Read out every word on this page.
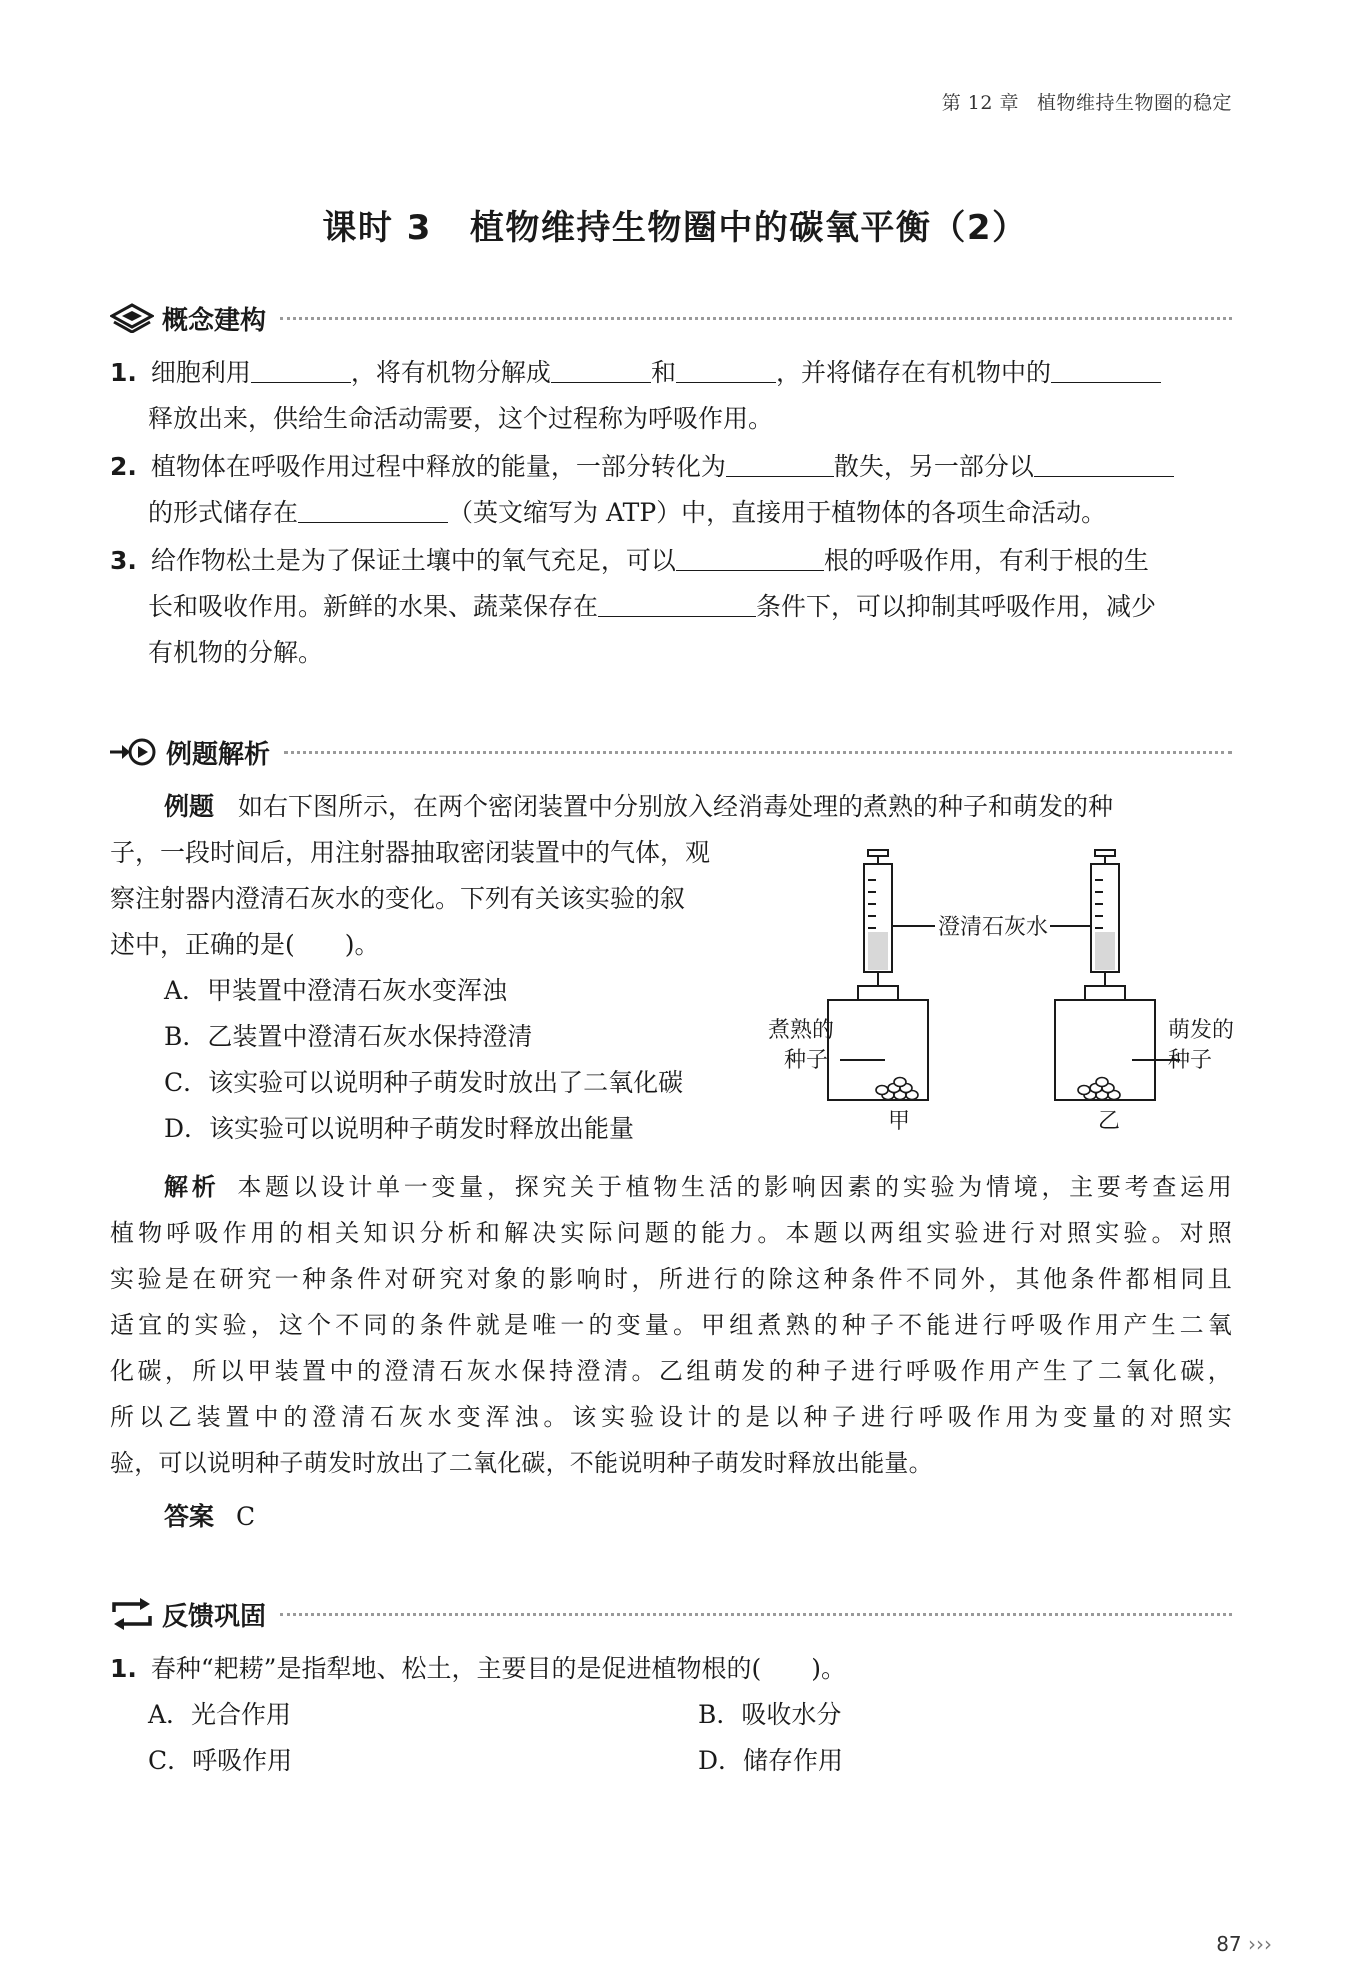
第 12 章 植物维持生物圈的稳定
课时 3 植物维持生物圈中的碳氧平衡（2）
概念建构
1. 细胞利用	，将有机物分解成	和	，并将储存在有机物中的
释放出来，供给生命活动需要，这个过程称为呼吸作用。
2. 植物体在呼吸作用过程中释放的能量，一部分转化为	散失，另一部分以
的形式储存在	（英文缩写为 ATP）中，直接用于植物体的各项生命活动。
3. 给作物松土是为了保证土壤中的氧气充足，可以	根的呼吸作用，有利于根的生
长和吸收作用。新鲜的水果、蔬菜保存在	条件下，可以抑制其呼吸作用，减少
有机物的分解。
例题解析
例题 如右下图所示，在两个密闭装置中分别放入经消毒处理的煮熟的种子和萌发的种
子，一段时间后，用注射器抽取密闭装置中的气体，观
察注射器内澄清石灰水的变化。下列有关该实验的叙
述中，正确的是(　　)。
A．甲装置中澄清石灰水变浑浊
B．乙装置中澄清石灰水保持澄清
C．该实验可以说明种子萌发时放出了二氧化碳
D．该实验可以说明种子萌发时释放出能量
澄清石灰水
煮熟的
种子
萌发的
种子
甲	乙
解析 本题以设计单一变量，探究关于植物生活的影响因素的实验为情境，主要考查运用
植物呼吸作用的相关知识分析和解决实际问题的能力。本题以两组实验进行对照实验。对照
实验是在研究一种条件对研究对象的影响时，所进行的除这种条件不同外，其他条件都相同且
适宜的实验，这个不同的条件就是唯一的变量。甲组煮熟的种子不能进行呼吸作用产生二氧
化碳，所以甲装置中的澄清石灰水保持澄清。乙组萌发的种子进行呼吸作用产生了二氧化碳，
所以乙装置中的澄清石灰水变浑浊。该实验设计的是以种子进行呼吸作用为变量的对照实
验，可以说明种子萌发时放出了二氧化碳，不能说明种子萌发时释放出能量。
答案 C
反馈巩固
1. 春种“耙耢”是指犁地、松土，主要目的是促进植物根的(　　)。
A．光合作用	B．吸收水分
C．呼吸作用	D．储存作用
87 ›››
